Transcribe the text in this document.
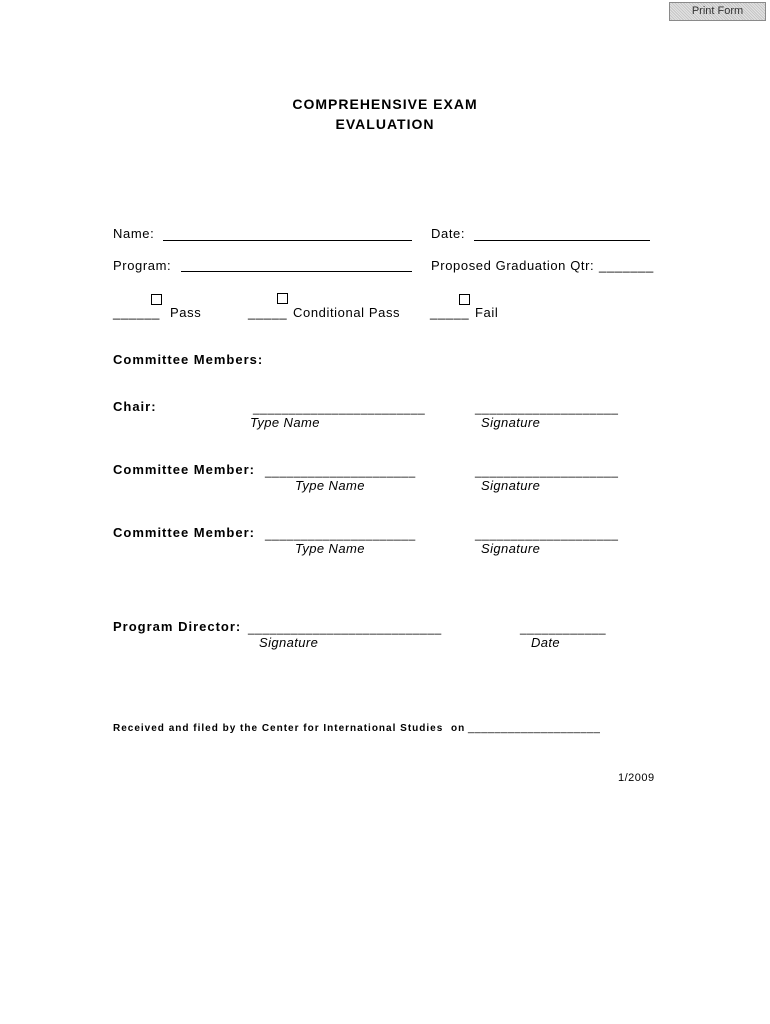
Print Form
COMPREHENSIVE EXAM
EVALUATION
Name:	Date:
Program:	Proposed Graduation Qtr: _______
______ Pass	_____ Conditional Pass _____ Fail
Committee Members:
Chair:	________________________	____________________
Type Name	Signature
Committee Member: _____________________	____________________
Type Name	Signature
Committee Member: _____________________	____________________
Type Name	Signature
Program Director: ___________________________	____________
Signature	Date
Received and filed by the Center for International Studies on ____________________
1/2009
